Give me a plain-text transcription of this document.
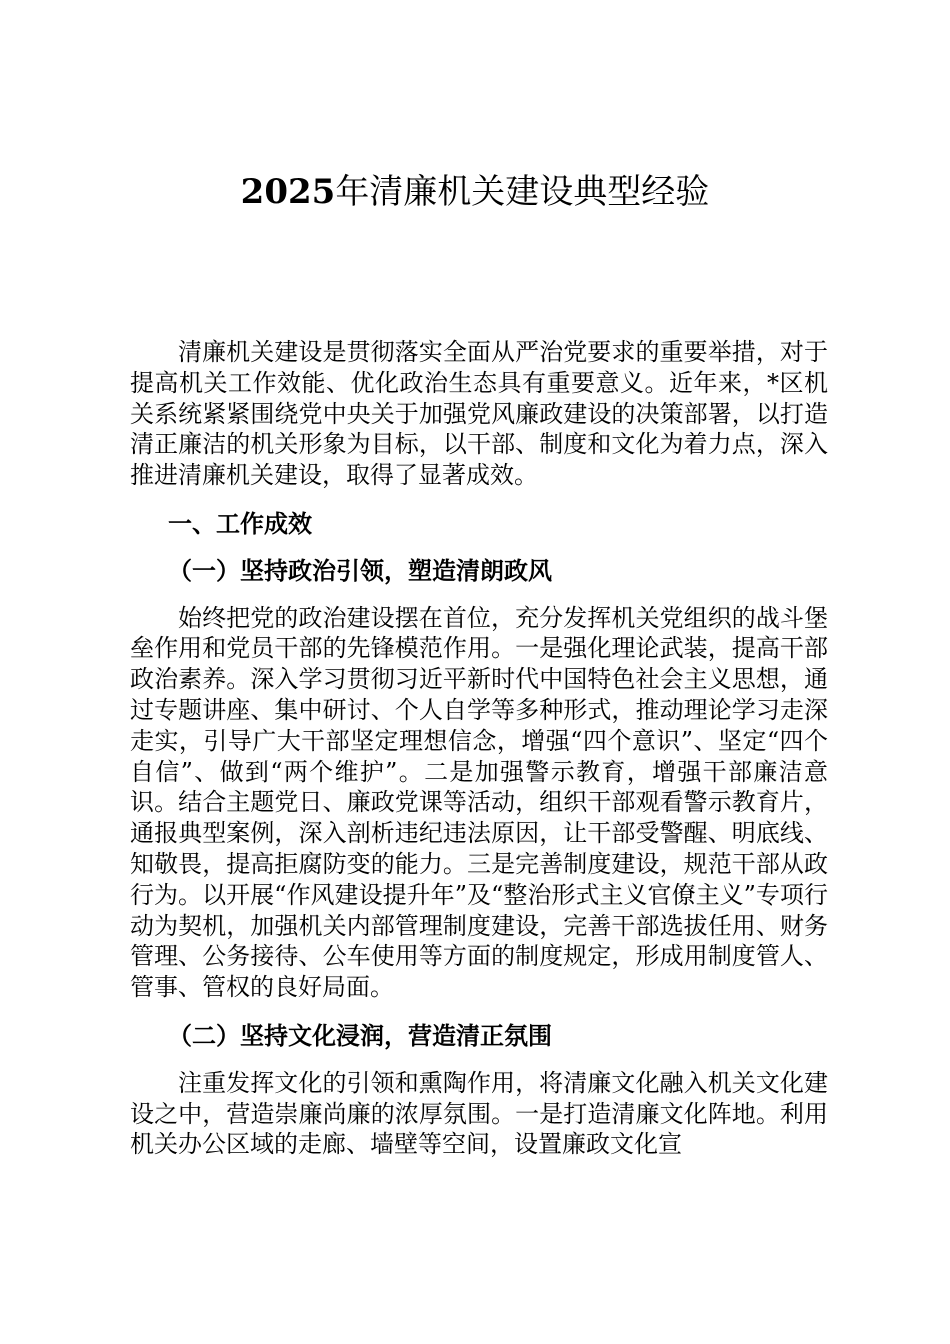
2025年清廉机关建设典型经验

清廉机关建设是贯彻落实全面从严治党要求的重要举措，对于提高机关工作效能、优化政治生态具有重要意义。近年来，*区机关系统紧紧围绕党中央关于加强党风廉政建设的决策部署，以打造清正廉洁的机关形象为目标，以干部、制度和文化为着力点，深入推进清廉机关建设，取得了显著成效。

一、工作成效

（一）坚持政治引领，塑造清朗政风

始终把党的政治建设摆在首位，充分发挥机关党组织的战斗堡垒作用和党员干部的先锋模范作用。一是强化理论武装，提高干部政治素养。深入学习贯彻习近平新时代中国特色社会主义思想，通过专题讲座、集中研讨、个人自学等多种形式，推动理论学习走深走实，引导广大干部坚定理想信念，增强“四个意识”、坚定“四个自信”、做到“两个维护”。二是加强警示教育，增强干部廉洁意识。结合主题党日、廉政党课等活动，组织干部观看警示教育片，通报典型案例，深入剖析违纪违法原因，让干部受警醒、明底线、知敬畏，提高拒腐防变的能力。三是完善制度建设，规范干部从政行为。以开展“作风建设提升年”及“整治形式主义官僚主义”专项行动为契机，加强机关内部管理制度建设，完善干部选拔任用、财务管理、公务接待、公车使用等方面的制度规定，形成用制度管人、管事、管权的良好局面。

（二）坚持文化浸润，营造清正氛围

注重发挥文化的引领和熏陶作用，将清廉文化融入机关文化建设之中，营造崇廉尚廉的浓厚氛围。一是打造清廉文化阵地。利用机关办公区域的走廊、墙壁等空间，设置廉政文化宣
